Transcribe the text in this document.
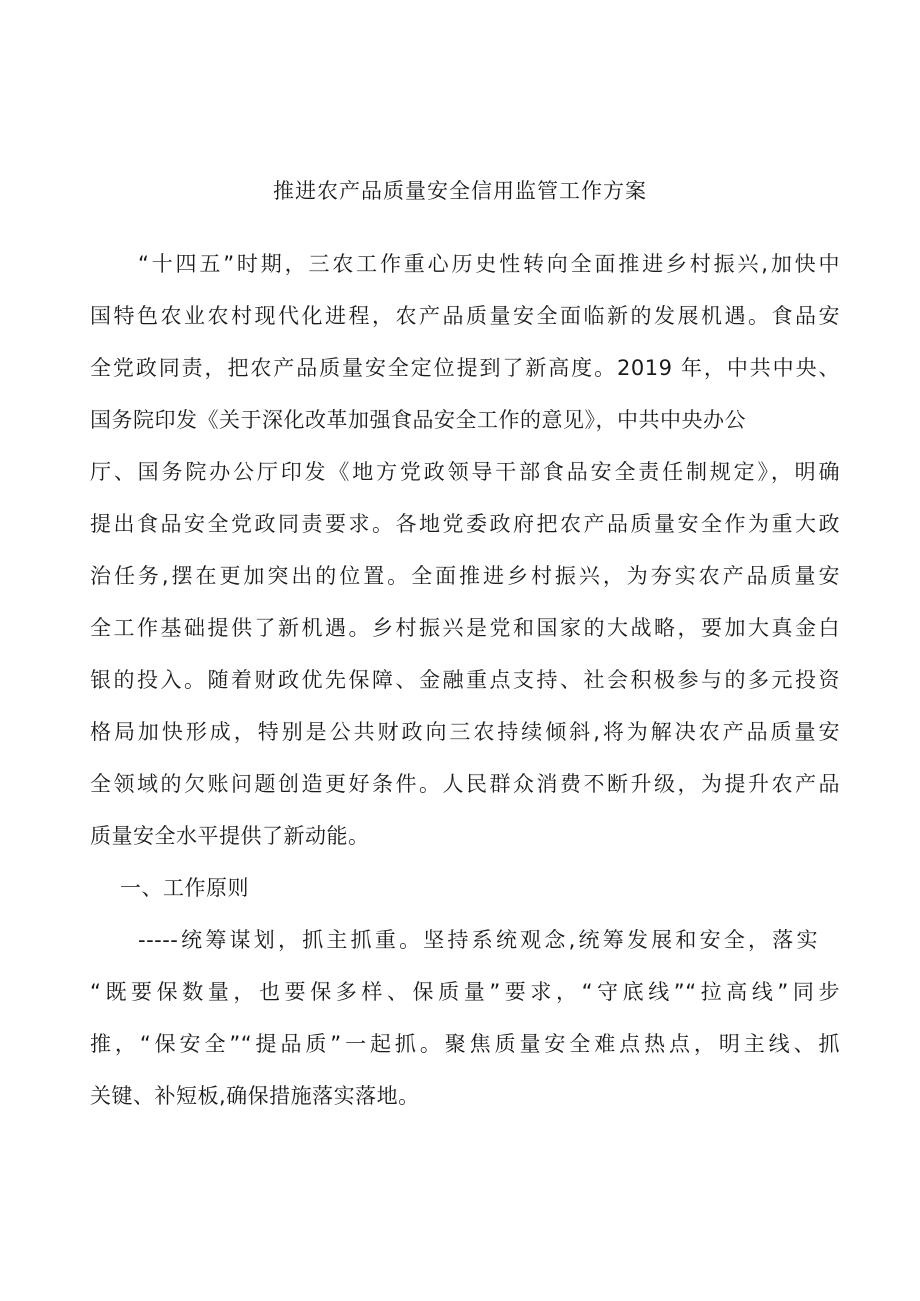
推进农产品质量安全信用监管工作方案

“十四五”时期，三农工作重心历史性转向全面推进乡村振兴,加快中

国特色农业农村现代化进程，农产品质量安全面临新的发展机遇。食品安

全党政同责，把农产品质量安全定位提到了新高度。2019 年，中共中央、

国务院印发《关于深化改革加强食品安全工作的意见》，中共中央办公

厅、国务院办公厅印发《地方党政领导干部食品安全责任制规定》，明确

提出食品安全党政同责要求。各地党委政府把农产品质量安全作为重大政

治任务,摆在更加突出的位置。全面推进乡村振兴，为夯实农产品质量安

全工作基础提供了新机遇。乡村振兴是党和国家的大战略，要加大真金白

银的投入。随着财政优先保障、金融重点支持、社会积极参与的多元投资

格局加快形成，特别是公共财政向三农持续倾斜,将为解决农产品质量安

全领域的欠账问题创造更好条件。人民群众消费不断升级，为提升农产品

质量安全水平提供了新动能。

一、工作原则

-----统筹谋划，抓主抓重。坚持系统观念,统筹发展和安全，落实

“既要保数量，也要保多样、保质量”要求，“守底线”“拉高线”同步

推，“保安全”“提品质”一起抓。聚焦质量安全难点热点，明主线、抓

关键、补短板,确保措施落实落地。
